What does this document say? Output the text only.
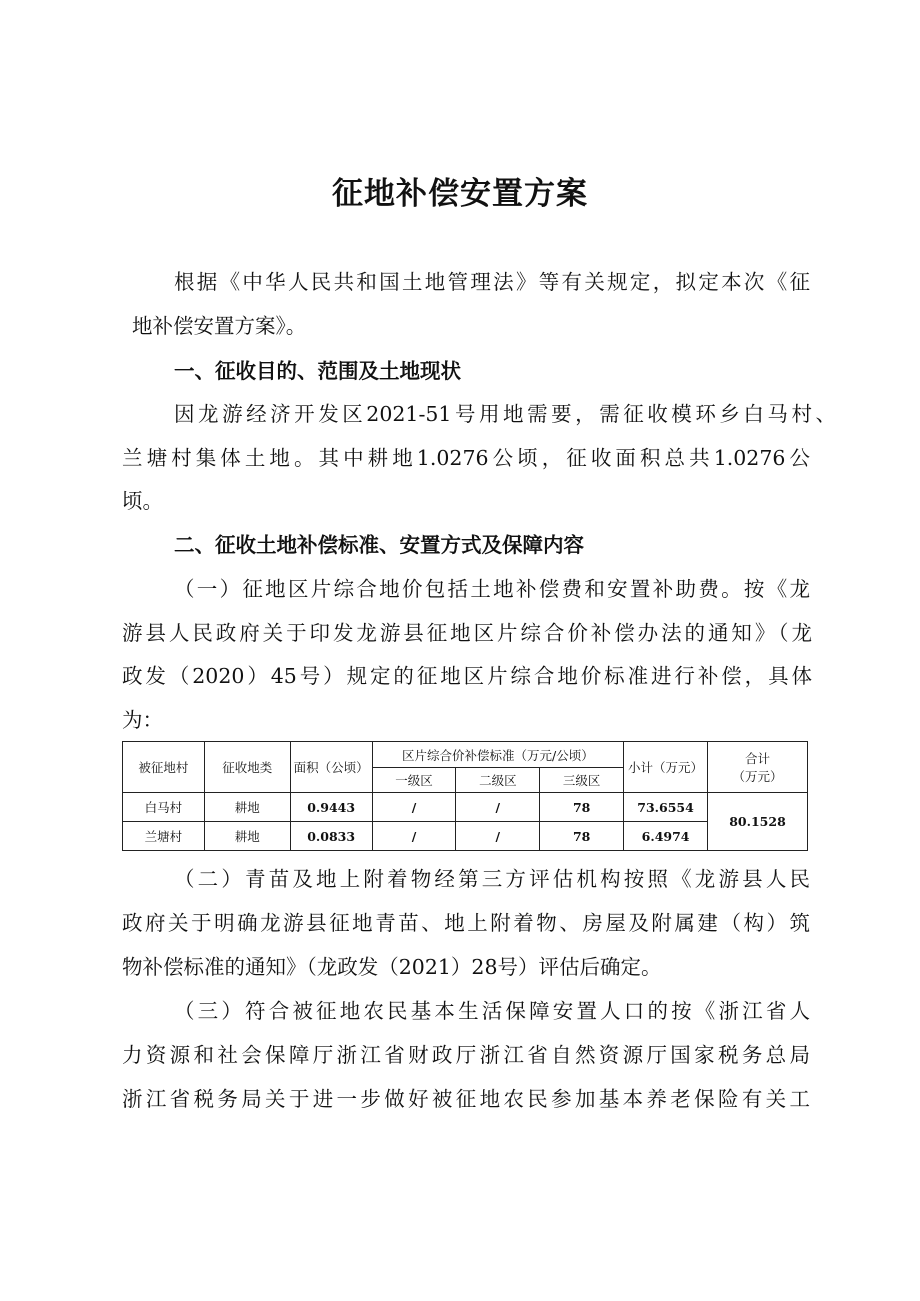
征地补偿安置方案
根据《中华人民共和国土地管理法》等有关规定，拟定本次《征
地补偿安置方案》。
一、征收目的、范围及土地现状
因龙游经济开发区2021-51号用地需要，需征收模环乡白马村、
兰塘村集体土地。其中耕地1.0276公顷，征收面积总共1.0276公
顷。
二、征收土地补偿标准、安置方式及保障内容
（一）征地区片综合地价包括土地补偿费和安置补助费。按《龙
游县人民政府关于印发龙游县征地区片综合价补偿办法的通知》（龙
政发（2020）45号）规定的征地区片综合地价标准进行补偿，具体
为：
被征地村	征收地类	面积（公顷）	区片综合价补偿标准（万元/公顷）			小计（万元）	合计
（万元）

			一级区	二级区	三级区		
白马村	耕地	0.9443	/	/	78	73.6554	80.1528
兰塘村	耕地	0.0833	/	/	78	6.4974	
（二）青苗及地上附着物经第三方评估机构按照《龙游县人民
政府关于明确龙游县征地青苗、地上附着物、房屋及附属建（构）筑
物补偿标准的通知》（龙政发（2021）28号）评估后确定。
（三）符合被征地农民基本生活保障安置人口的按《浙江省人
力资源和社会保障厅浙江省财政厅浙江省自然资源厅国家税务总局
浙江省税务局关于进一步做好被征地农民参加基本养老保险有关工
